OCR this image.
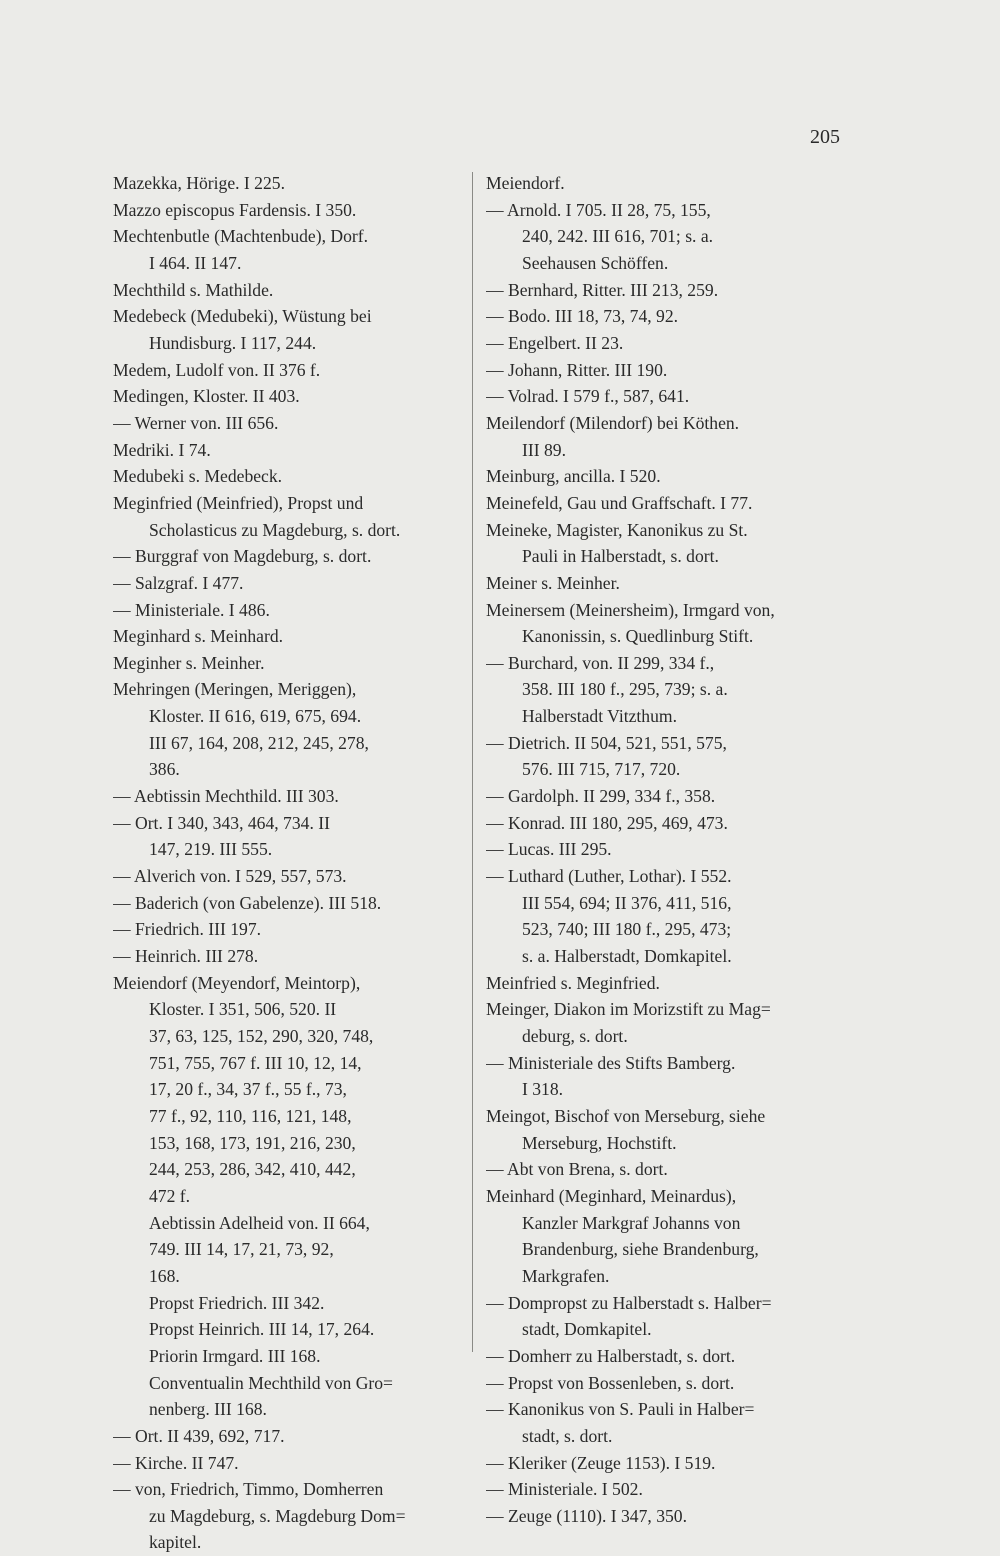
205
Mazekka, Hörige. I 225.
Mazzo episcopus Fardensis. I 350.
Mechtenbutle (Machtenbude), Dorf.
I 464. II 147.
Mechthild s. Mathilde.
Medebeck (Medubeki), Wüstung bei
Hundisburg. I 117, 244.
Medem, Ludolf von. II 376 f.
Medingen, Kloster. II 403.
— Werner von. III 656.
Medriki. I 74.
Medubeki s. Medebeck.
Meginfried (Meinfried), Propst und
Scholasticus zu Magdeburg, s. dort.
— Burggraf von Magdeburg, s. dort.
— Salzgraf. I 477.
— Ministeriale. I 486.
Meginhard s. Meinhard.
Meginher s. Meinher.
Mehringen (Meringen, Meriggen),
Kloster. II 616, 619, 675, 694.
III 67, 164, 208, 212, 245, 278,
386.
— Aebtissin Mechthild. III 303.
— Ort. I 340, 343, 464, 734. II
147, 219. III 555.
— Alverich von. I 529, 557, 573.
— Baderich (von Gabelenze). III 518.
— Friedrich. III 197.
— Heinrich. III 278.
Meiendorf (Meyendorf, Meintorp),
Kloster. I 351, 506, 520. II
37, 63, 125, 152, 290, 320, 748,
751, 755, 767 f. III 10, 12, 14,
17, 20 f., 34, 37 f., 55 f., 73,
77 f., 92, 110, 116, 121, 148,
153, 168, 173, 191, 216, 230,
244, 253, 286, 342, 410, 442,
472 f.
Aebtissin Adelheid von. II 664,
749. III 14, 17, 21, 73, 92,
168.
Propst Friedrich. III 342.
Propst Heinrich. III 14, 17, 264.
Priorin Irmgard. III 168.
Conventualin Mechthild von Gro=
nenberg. III 168.
— Ort. II 439, 692, 717.
— Kirche. II 747.
— von, Friedrich, Timmo, Domherren
zu Magdeburg, s. Magdeburg Dom=
kapitel.
Meiendorf.
— Arnold. I 705. II 28, 75, 155,
240, 242. III 616, 701; s. a.
Seehausen Schöffen.
— Bernhard, Ritter. III 213, 259.
— Bodo. III 18, 73, 74, 92.
— Engelbert. II 23.
— Johann, Ritter. III 190.
— Volrad. I 579 f., 587, 641.
Meilendorf (Milendorf) bei Köthen.
III 89.
Meinburg, ancilla. I 520.
Meinefeld, Gau und Graffschaft. I 77.
Meineke, Magister, Kanonikus zu St.
Pauli in Halberstadt, s. dort.
Meiner s. Meinher.
Meinersem (Meinersheim), Irmgard von,
Kanonissin, s. Quedlinburg Stift.
— Burchard, von. II 299, 334 f.,
358. III 180 f., 295, 739; s. a.
Halberstadt Vitzthum.
— Dietrich. II 504, 521, 551, 575,
576. III 715, 717, 720.
— Gardolph. II 299, 334 f., 358.
— Konrad. III 180, 295, 469, 473.
— Lucas. III 295.
— Luthard (Luther, Lothar). I 552.
III 554, 694; II 376, 411, 516,
523, 740; III 180 f., 295, 473;
s. a. Halberstadt, Domkapitel.
Meinfried s. Meginfried.
Meinger, Diakon im Morizstift zu Mag=
deburg, s. dort.
— Ministeriale des Stifts Bamberg.
I 318.
Meingot, Bischof von Merseburg, siehe
Merseburg, Hochstift.
— Abt von Brena, s. dort.
Meinhard (Meginhard, Meinardus),
Kanzler Markgraf Johanns von
Brandenburg, siehe Brandenburg,
Markgrafen.
— Dompropst zu Halberstadt s. Halber=
stadt, Domkapitel.
— Domherr zu Halberstadt, s. dort.
— Propst von Bossenleben, s. dort.
— Kanonikus von S. Pauli in Halber=
stadt, s. dort.
— Kleriker (Zeuge 1153). I 519.
— Ministeriale. I 502.
— Zeuge (1110). I 347, 350.
